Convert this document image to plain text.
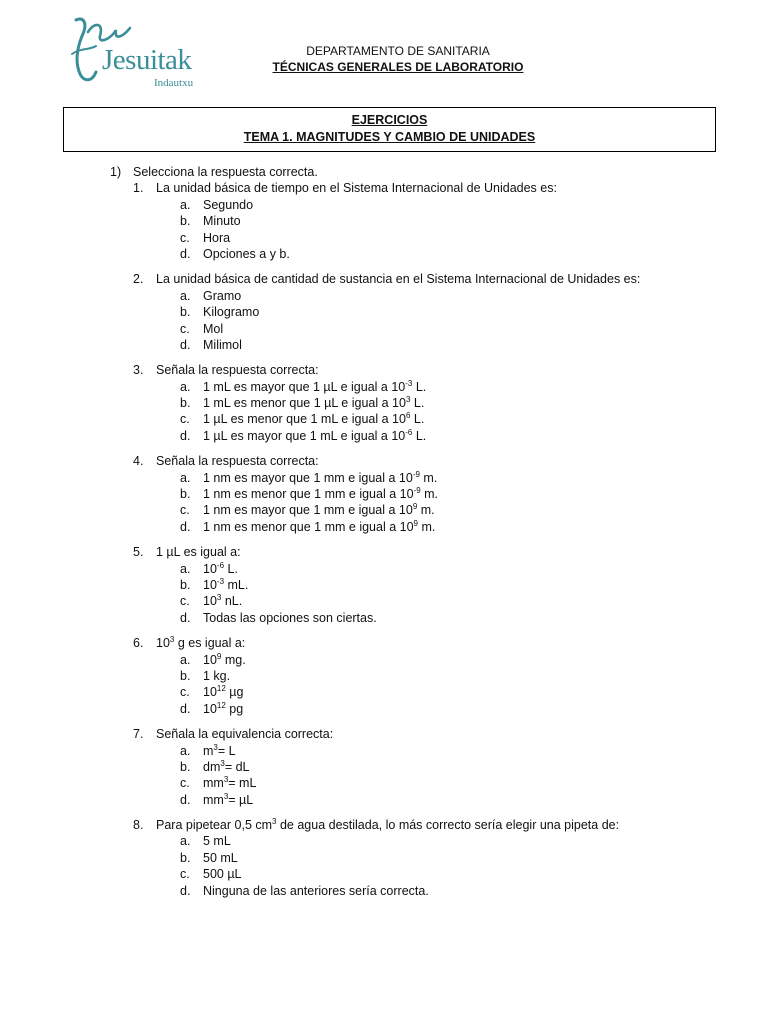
Jesuitak
Indautxu
DEPARTAMENTO DE SANITARIA
TÉCNICAS GENERALES DE LABORATORIO
EJERCICIOS
TEMA 1. MAGNITUDES Y CAMBIO DE UNIDADES
1) Selecciona la respuesta correcta.
1. La unidad básica de tiempo en el Sistema Internacional de Unidades es:
a. Segundo
b. Minuto
c. Hora
d. Opciones a y b.
2. La unidad básica de cantidad de sustancia en el Sistema Internacional de Unidades es:
a. Gramo
b. Kilogramo
c. Mol
d. Milimol
3. Señala la respuesta correcta:
a. 1 mL es mayor que 1 µL e igual a $10^{-3}$ L.
b. 1 mL es menor que 1 µL e igual a $10^3$ L.
c. 1 µL es menor que 1 mL e igual a $10^6$ L.
d. 1 µL es mayor que 1 mL e igual a $10^{-6}$ L.
4. Señala la respuesta correcta:
a. 1 nm es mayor que 1 mm e igual a $10^{-9}$ m.
b. 1 nm es menor que 1 mm e igual a $10^{-9}$ m.
c. 1 nm es mayor que 1 mm e igual a $10^9$ m.
d. 1 nm es menor que 1 mm e igual a $10^9$ m.
5. 1 µL es igual a:
a. $10^{-6}$ L.
b. $10^{-3}$ mL.
c. $10^3$ nL.
d. Todas las opciones son ciertas.
6. $10^3$ g es igual a:
a. $10^9$ mg.
b. 1 kg.
c. $10^{12}$ µg
d. $10^{12}$ pg
7. Señala la equivalencia correcta:
a. $m^3= L$
b. $dm^3=$ dL
c. $mm^3=$ mL
d. $mm^3= \mu L$
8. Para pipetear 0,5 $cm^3$ de agua destilada, lo más correcto sería elegir una pipeta de:
a. 5 mL
b. 50 mL
c. 500 µL
d. Ninguna de las anteriores sería correcta.
